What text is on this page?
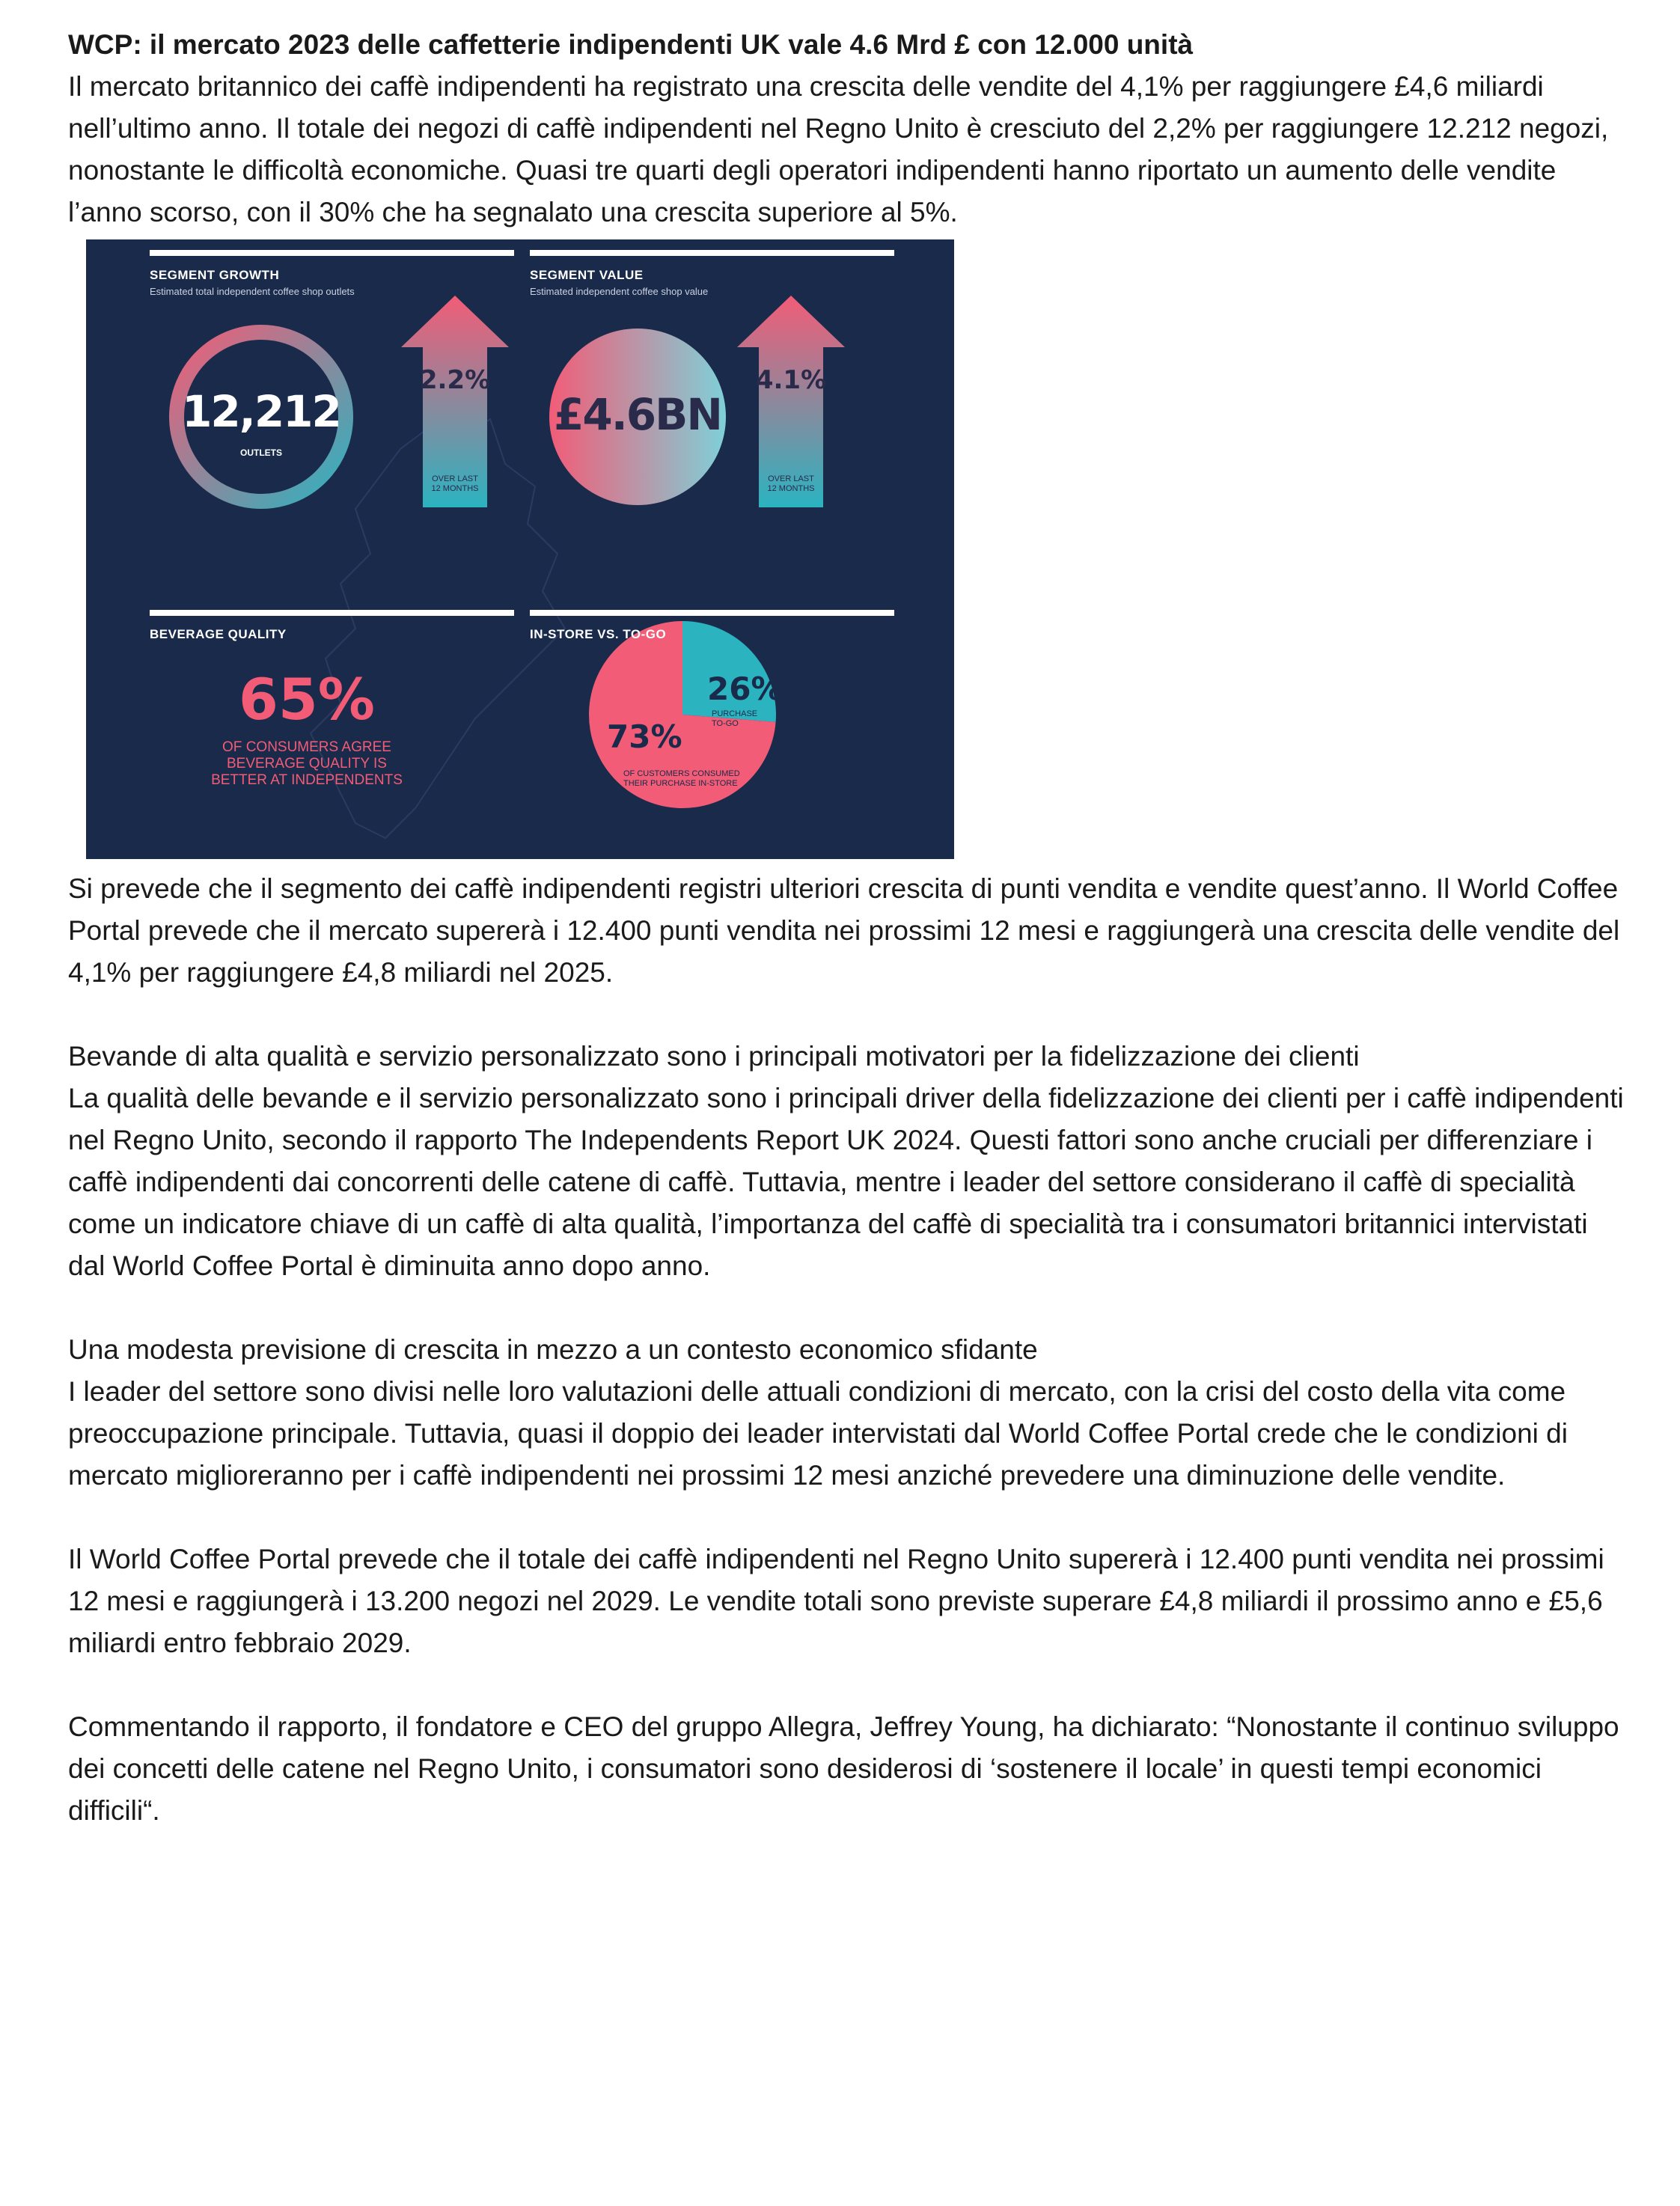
WCP: il mercato 2023 delle caffetterie indipendenti UK vale 4.6 Mrd £ con 12.000 unità

Il mercato britannico dei caffè indipendenti ha registrato una crescita delle vendite del 4,1% per raggiungere £4,6 miliardi nell’ultimo anno. Il totale dei negozi di caffè indipendenti nel Regno Unito è cresciuto del 2,2% per raggiungere 12.212 negozi, nonostante le difficoltà economiche. Quasi tre quarti degli operatori indipendenti hanno riportato un aumento delle vendite l’anno scorso, con il 30% che ha segnalato una crescita superiore al 5%.

SEGMENT GROWTH
Estimated total independent coffee shop outlets
SEGMENT VALUE
Estimated independent coffee shop value
12,212
OUTLETS
£4.6BN
2.2%
OVER LAST
12 MONTHS
4.1%
OVER LAST
12 MONTHS
BEVERAGE QUALITY
65%
OF CONSUMERS AGREE
BEVERAGE QUALITY IS
BETTER AT INDEPENDENTS
IN-STORE VS. TO-GO
73%
OF CUSTOMERS CONSUMED
THEIR PURCHASE IN-STORE
26%
PURCHASE
TO-GO

Si prevede che il segmento dei caffè indipendenti registri ulteriori crescita di punti vendita e vendite quest’anno. Il World Coffee Portal prevede che il mercato supererà i 12.400 punti vendita nei prossimi 12 mesi e raggiungerà una crescita delle vendite del 4,1% per raggiungere £4,8 miliardi nel 2025.

Bevande di alta qualità e servizio personalizzato sono i principali motivatori per la fidelizzazione dei clienti

La qualità delle bevande e il servizio personalizzato sono i principali driver della fidelizzazione dei clienti per i caffè indipendenti nel Regno Unito, secondo il rapporto The Independents Report UK 2024. Questi fattori sono anche cruciali per differenziare i caffè indipendenti dai concorrenti delle catene di caffè. Tuttavia, mentre i leader del settore considerano il caffè di specialità come un indicatore chiave di un caffè di alta qualità, l’importanza del caffè di specialità tra i consumatori britannici intervistati dal World Coffee Portal è diminuita anno dopo anno.

Una modesta previsione di crescita in mezzo a un contesto economico sfidante

I leader del settore sono divisi nelle loro valutazioni delle attuali condizioni di mercato, con la crisi del costo della vita come preoccupazione principale. Tuttavia, quasi il doppio dei leader intervistati dal World Coffee Portal crede che le condizioni di mercato miglioreranno per i caffè indipendenti nei prossimi 12 mesi anziché prevedere una diminuzione delle vendite.

Il World Coffee Portal prevede che il totale dei caffè indipendenti nel Regno Unito supererà i 12.400 punti vendita nei prossimi 12 mesi e raggiungerà i 13.200 negozi nel 2029. Le vendite totali sono previste superare £4,8 miliardi il prossimo anno e £5,6 miliardi entro febbraio 2029.

Commentando il rapporto, il fondatore e CEO del gruppo Allegra, Jeffrey Young, ha dichiarato: “Nonostante il continuo sviluppo dei concetti delle catene nel Regno Unito, i consumatori sono desiderosi di ‘sostenere il locale’ in questi tempi economici difficili“.
